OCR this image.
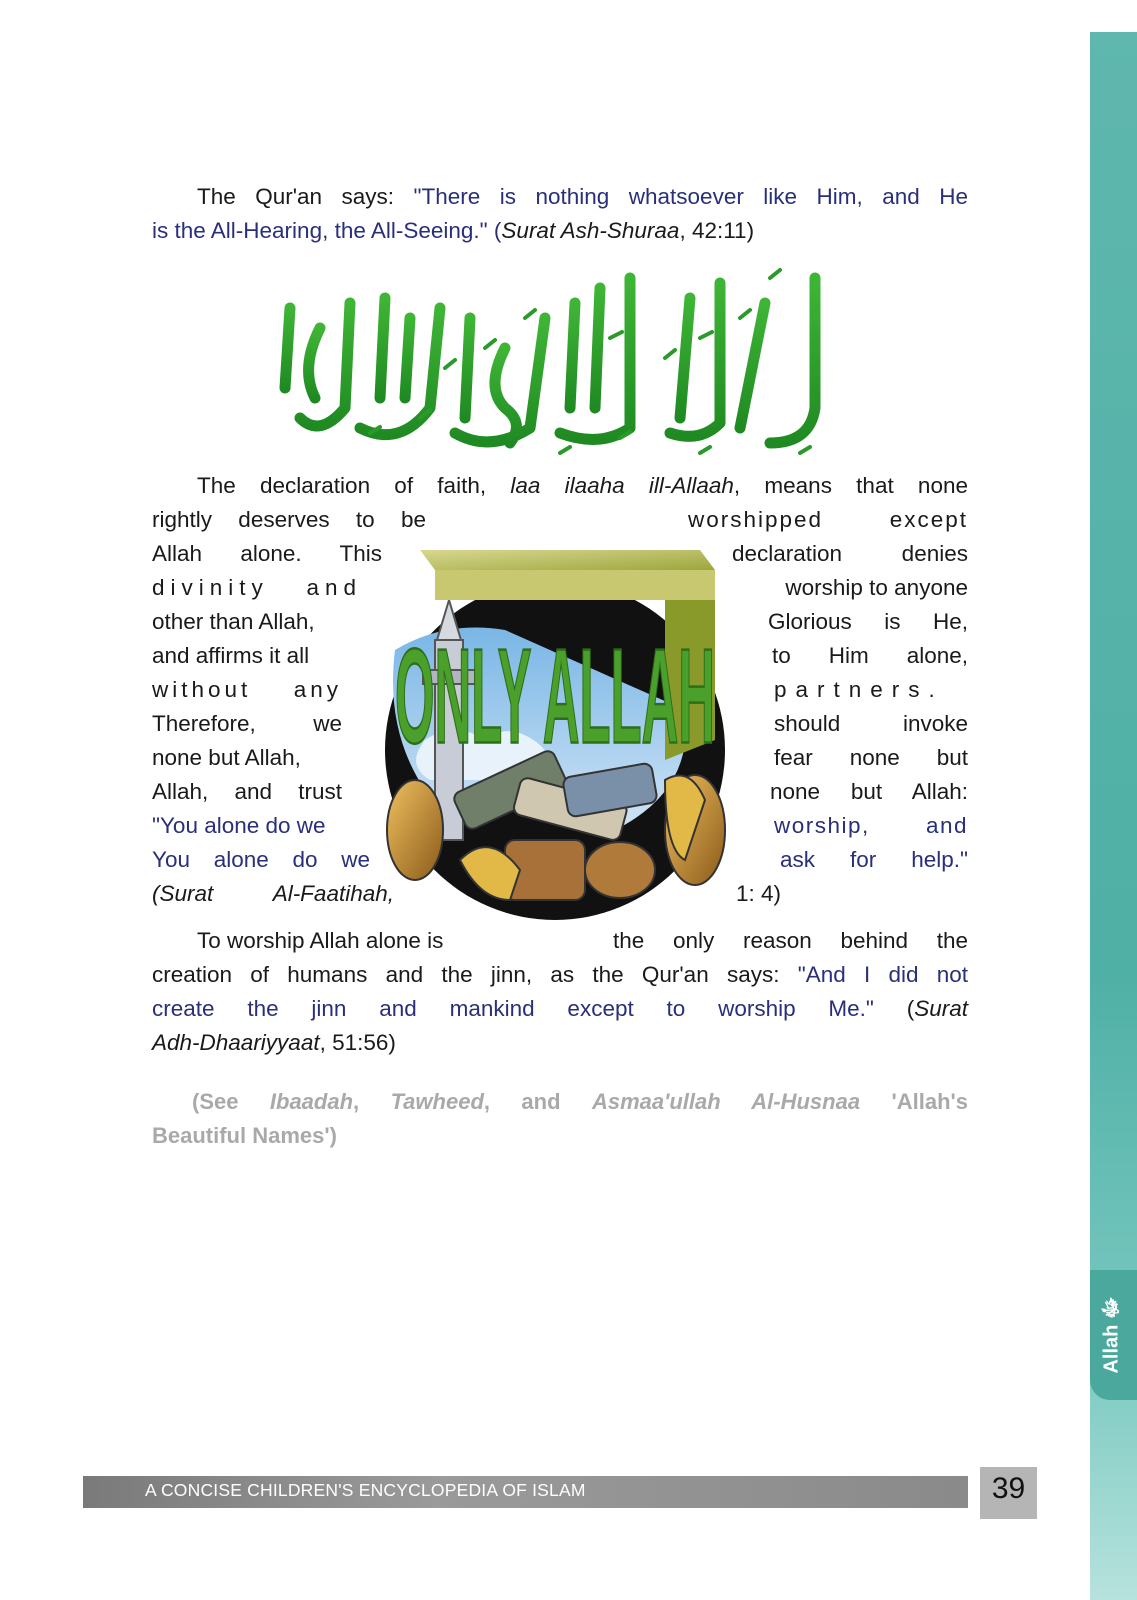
Allah ﷻ
The Qur'an says: "There is nothing whatsoever like Him, and He
is the All-Hearing, the All-Seeing." (Surat Ash-Shuraa, 42:11)
The declaration of faith, laa ilaaha ill-Allaah, means that none
rightly deserves to be
Allah alone. This
divinity and
other than Allah,
and affirms it all
without any
Therefore, we
none but Allah,
Allah, and trust
"You alone do we
You alone do we
(Surat	Al-Faatihah,
worshipped except
declaration denies
worship to anyone
Glorious is He,
to Him alone,
partners.
should invoke
fear none but
none but Allah:
worship, and
ask for help."
1: 4)
ONLY ALLAH
To worship Allah alone is	the only reason behind the
creation of humans and the jinn, as the Qur'an says: "And I did not
create the jinn and mankind except to worship Me." (Surat
Adh-Dhaariyyaat, 51:56)
(See Ibaadah, Tawheed, and Asmaa'ullah Al-Husnaa 'Allah's
Beautiful Names')
A CONCISE CHILDREN'S ENCYCLOPEDIA OF ISLAM	39
